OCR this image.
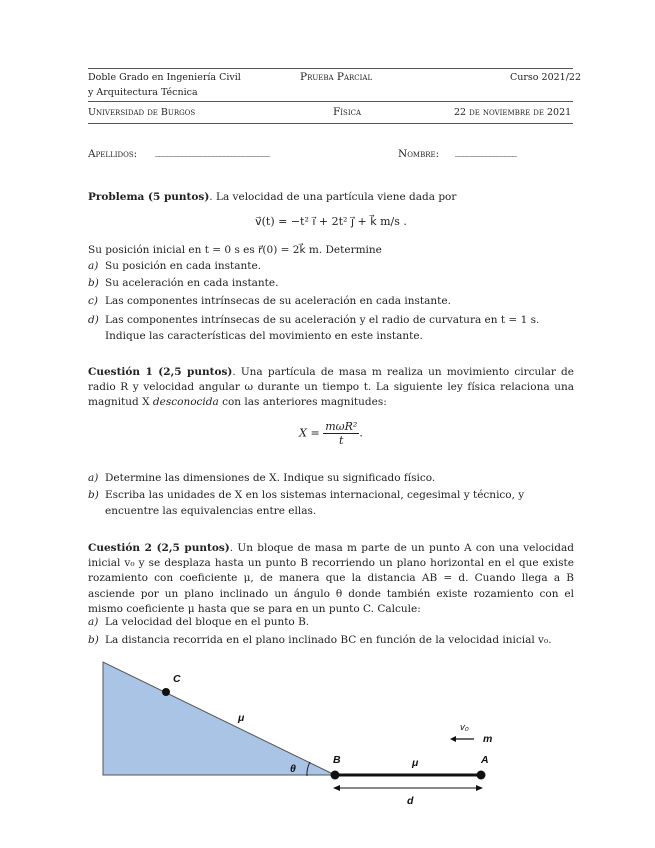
Doble Grado en Ingeniería Civil
y Arquitectura Técnica
Prueba Parcial	Curso 2021/22
Universidad de Burgos	Física	22 de noviembre de 2021
Apellidos: ______________________________	Nombre: ________________
Problema (5 puntos). La velocidad de una partícula viene dada por
v⃗(t) = −t² ı⃗ + 2t² ȷ⃗ + k⃗ m/s .
Su posición inicial en t = 0 s es r⃗(0) = 2k⃗ m. Determine
a) Su posición en cada instante.
b) Su aceleración en cada instante.
c) Las componentes intrínsecas de su aceleración en cada instante.
d) Las componentes intrínsecas de su aceleración y el radio de curvatura en t = 1 s. Indique las características del movimiento en este instante.
Cuestión 1 (2,5 puntos). Una partícula de masa m realiza un movimiento circular de radio R y velocidad angular ω durante un tiempo t. La siguiente ley física relaciona una magnitud X desconocida con las anteriores magnitudes:
$X = \frac{\text{mωR²}}{t}$ .
a) Determine las dimensiones de X. Indique su significado físico.
b) Escriba las unidades de X en los sistemas internacional, cegesimal y técnico, y encuentre las equivalencias entre ellas.
Cuestión 2 (2,5 puntos). Un bloque de masa m parte de un punto A con una velocidad inicial v₀ y se desplaza hasta un punto B recorriendo un plano horizontal en el que existe rozamiento con coeficiente μ, de manera que la distancia AB = d. Cuando llega a B asciende por un plano inclinado un ángulo θ donde también existe rozamiento con el mismo coeficiente μ hasta que se para en un punto C. Calcule:
a) La velocidad del bloque en el punto B.
b) La distancia recorrida en el plano inclinado BC en función de la velocidad inicial v₀.
C
μ
θ
B	μ	A
v₀
m
d
